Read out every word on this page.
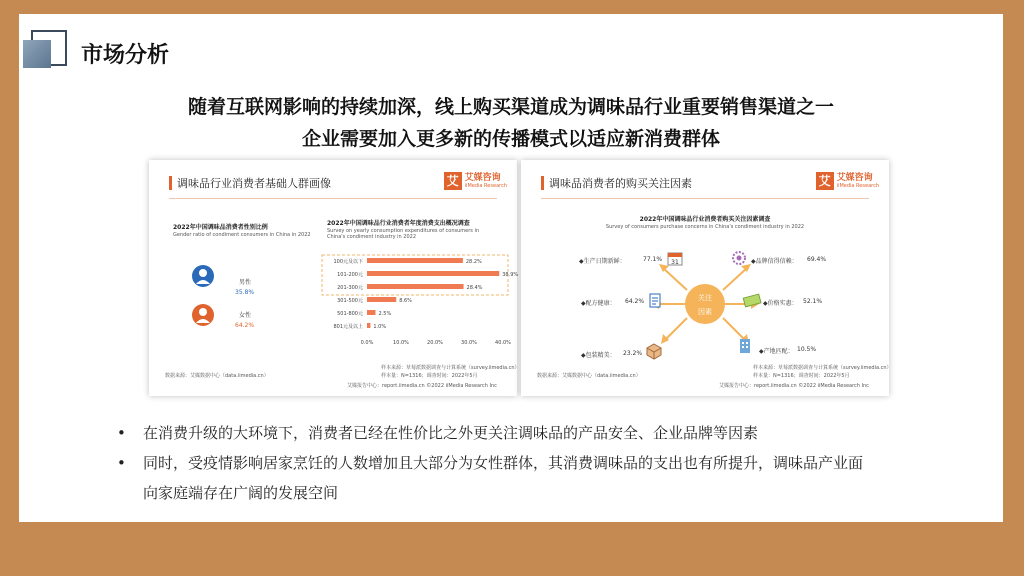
市场分析
随着互联网影响的持续加深，线上购买渠道成为调味品行业重要销售渠道之一
企业需要加入更多新的传播模式以适应新消费群体
调味品行业消费者基础人群画像	艾 艾媒咨询
iiMedia Research
2022年中国调味品消费者性别比例
Gender ratio of condiment consumers in China in 2022
男性
35.8%
女性
64.2%
2022年中国调味品行业消费者年度消费支出概况调查
Survey on yearly consumption expenditures of consumers in China's condiment industry in 2022
100元及以下	28.2%
101-200元	38.9%
201-300元	28.4%
301-500元	8.6%
501-800元	2.5%
801元及以上 1.0%
0.0%	10.0%	20.0%	30.0%	40.0%
数据来源：艾媒数据中心（data.iimedia.cn）
样本来源：草莓派数据调查与计算系统（survey.iimedia.cn）
样本量：N=1316；调查时间：2022年5月
艾媒报告中心：report.iimedia.cn ©2022 iiMedia Research Inc
调味品消费者的购买关注因素	艾 艾媒咨询
iiMedia Research
2022年中国调味品行业消费者购买关注因素调查
Survey of consumers purchase concerns in China's condiment industry in 2022
关注
因素
◆生产日期新鲜：	77.1% 31	◆品牌信得信赖： 69.4%
◆配方健康： 64.2%	◆价格实惠： 52.1%
◆包装精美： 23.2%	◆产地匹配： 10.5%
数据来源：艾媒数据中心（data.iimedia.cn）
样本来源：草莓派数据调查与计算系统（survey.iimedia.cn）
样本量：N=1316；调查时间：2022年5月
艾媒报告中心：report.iimedia.cn ©2022 iiMedia Research Inc
•	在消费升级的大环境下，消费者已经在性价比之外更关注调味品的产品安全、企业品牌等因素
•	同时，受疫情影响居家烹饪的人数增加且大部分为女性群体，其消费调味品的支出也有所提升，调味品产业面
向家庭端存在广阔的发展空间
